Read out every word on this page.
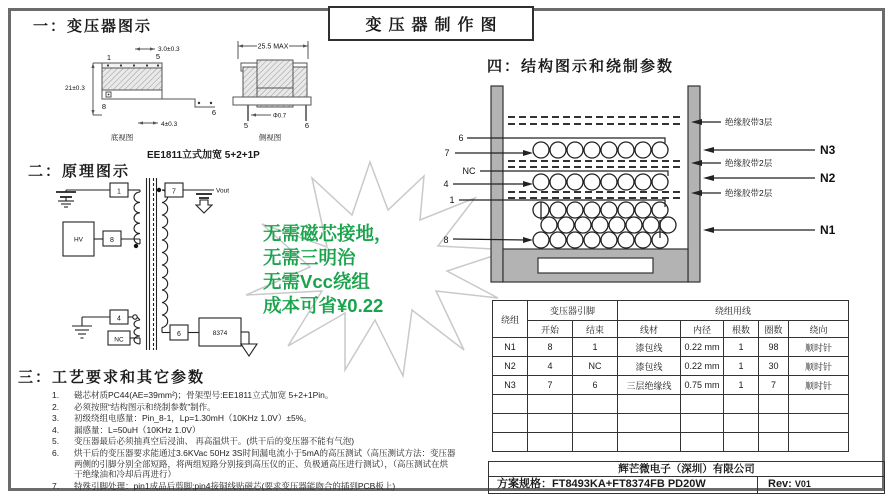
变压器制作图
一：变压器图示
3.0±0.3
21±0.3
4±0.3
1	5
8
6
底视图
25.5 MAX
Φ0.7
5	6
侧视图
EE1811立式加宽 5+2+1P
二：原理图示
1
8
HV
4
NC
7	Vout
6	8374
无需磁芯接地，
无需三明治
无需Vcc绕组
成本可省¥0.22
三：工艺要求和其它参数
1.	磁芯材质PC44(AE=39mm²)；骨架型号:EE1811立式加宽 5+2+1Pin。
2.	必须按照“结构图示和绕制参数”制作。
3.	初级绕组电感量：Pin_8-1，Lp=1.30mH（10KHz 1.0V）±5%。
4.	漏感量：L=50uH（10KHz 1.0V）
5.	变压器最后必须抽真空后浸油、 再高温烘干。(烘干后的变压器不能有气泡)
6.	烘干后的变压器要求能通过3.6KVac 50Hz 3S时间漏电流小于5mA的高压测试（高压测试方法：变压器两侧的引脚分别全部短路，将两组短路分别接到高压仪的正、负极通高压进行测试），（高压测试在烘干绝缘油和冷却后再进行）
7.	特殊引脚处理：pin1成品后剪脚;pin4接铜线贴磁芯(要求变压器能吻合的插到PCB板上)
四：结构图示和绕制参数
6
7
NC
4
1
8
绝缘胶带3层
N3
绝缘胶带2层
N2
绝缘胶带2层
N1
绕组	变压器引脚		绕组用线				
	开始	结束	线材	内径	根数	圈数	绕向
N1	8	1	漆包线	0.22 mm	1	98	顺时针
N2	4	NC	漆包线	0.22 mm	1	30	顺时针
N3	7	6	三层绝缘线	0.75 mm	1	7	顺时针

辉芒微电子（深圳）有限公司
方案规格：FT8493KA+FT8374FB PD20W	Rev: V01
